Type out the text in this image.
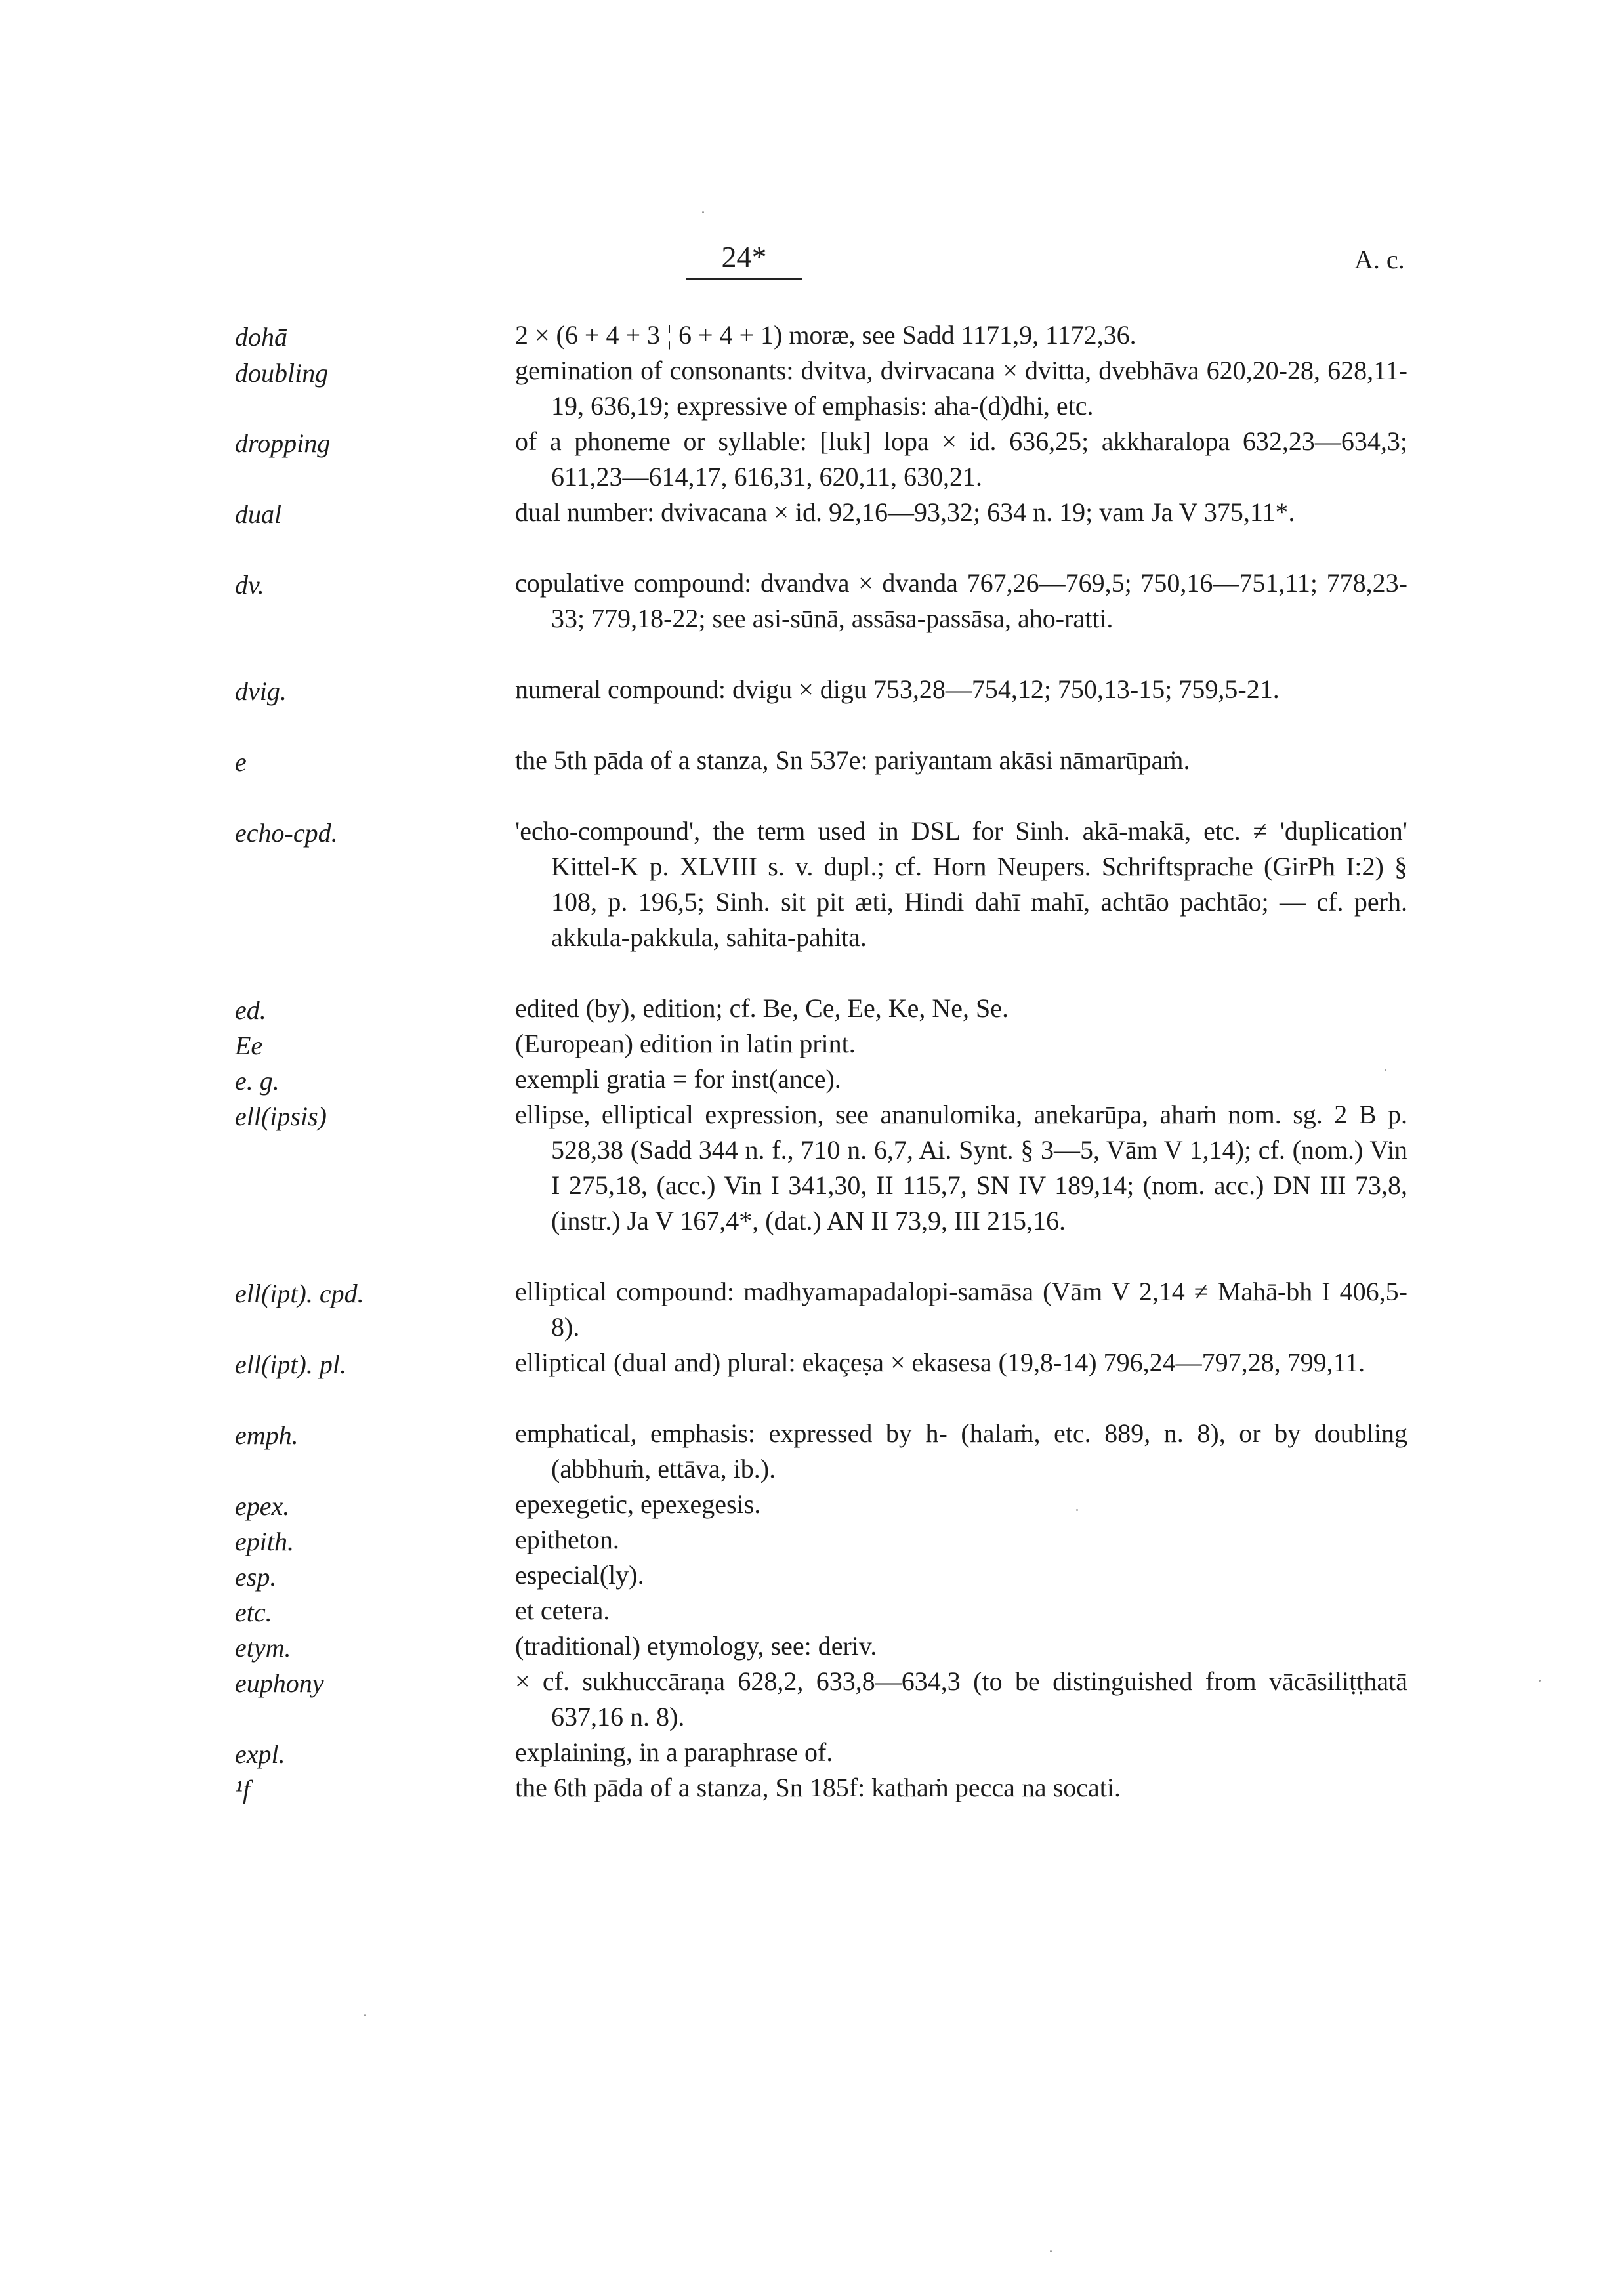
24*	A. c.
dohā	2 × (6 + 4 + 3 ¦ 6 + 4 + 1) moræ, see Sadd 1171,9, 1172,36.
doubling	gemination of consonants: dvitva, dvirvacana × dvitta, dvebhāva 620,20-28, 628,11-19, 636,19; expressive of emphasis: aha-(d)dhi, etc.
dropping	of a phoneme or syllable: [luk] lopa × id. 636,25; akkharalopa 632,23—634,3; 611,23—614,17, 616,31, 620,11, 630,21.
dual	dual number: dvivacana × id. 92,16—93,32; 634 n. 19; vam Ja V 375,11*.
dv.	copulative compound: dvandva × dvanda 767,26—769,5; 750,16—751,11; 778,23-33; 779,18-22; see asi-sūnā, assāsa-passāsa, aho-ratti.
dvig.	numeral compound: dvigu × digu 753,28—754,12; 750,13-15; 759,5-21.
e	the 5th pāda of a stanza, Sn 537e: pariyantam akāsi nāmarūpaṁ.
echo-cpd.	'echo-compound', the term used in DSL for Sinh. akā-makā, etc. ≠ 'duplication' Kittel-K p. XLVIII s. v. dupl.; cf. Horn Neupers. Schriftsprache (GirPh I:2) § 108, p. 196,5; Sinh. sit pit æti, Hindi dahī mahī, achtāo pachtāo; — cf. perh. akkula-pakkula, sahita-pahita.
ed.	edited (by), edition; cf. Be, Ce, Ee, Ke, Ne, Se.
Ee	(European) edition in latin print.
e. g.	exempli gratia = for inst(ance).
ell(ipsis)	ellipse, elliptical expression, see ananulomika, anekarūpa, ahaṁ nom. sg. 2 B p. 528,38 (Sadd 344 n. f., 710 n. 6,7, Ai. Synt. § 3—5, Vām V 1,14); cf. (nom.) Vin I 275,18, (acc.) Vin I 341,30, II 115,7, SN IV 189,14; (nom. acc.) DN III 73,8, (instr.) Ja V 167,4*, (dat.) AN II 73,9, III 215,16.
ell(ipt). cpd.	elliptical compound: madhyamapadalopi-samāsa (Vām V 2,14 ≠ Mahā-bh I 406,5-8).
ell(ipt). pl.	elliptical (dual and) plural: ekaçeṣa × ekasesa (19,8-14) 796,24—797,28, 799,11.
emph.	emphatical, emphasis: expressed by h- (halaṁ, etc. 889, n. 8), or by doubling (abbhuṁ, ettāva, ib.).
epex.	epexegetic, epexegesis.
epith.	epitheton.
esp.	especial(ly).
etc.	et cetera.
etym.	(traditional) etymology, see: deriv.
euphony	× cf. sukhuccāraṇa 628,2, 633,8—634,3 (to be distinguished from vācāsiliṭṭhatā 637,16 n. 8).
expl.	explaining, in a paraphrase of.
¹f	the 6th pāda of a stanza, Sn 185f: kathaṁ pecca na socati.
